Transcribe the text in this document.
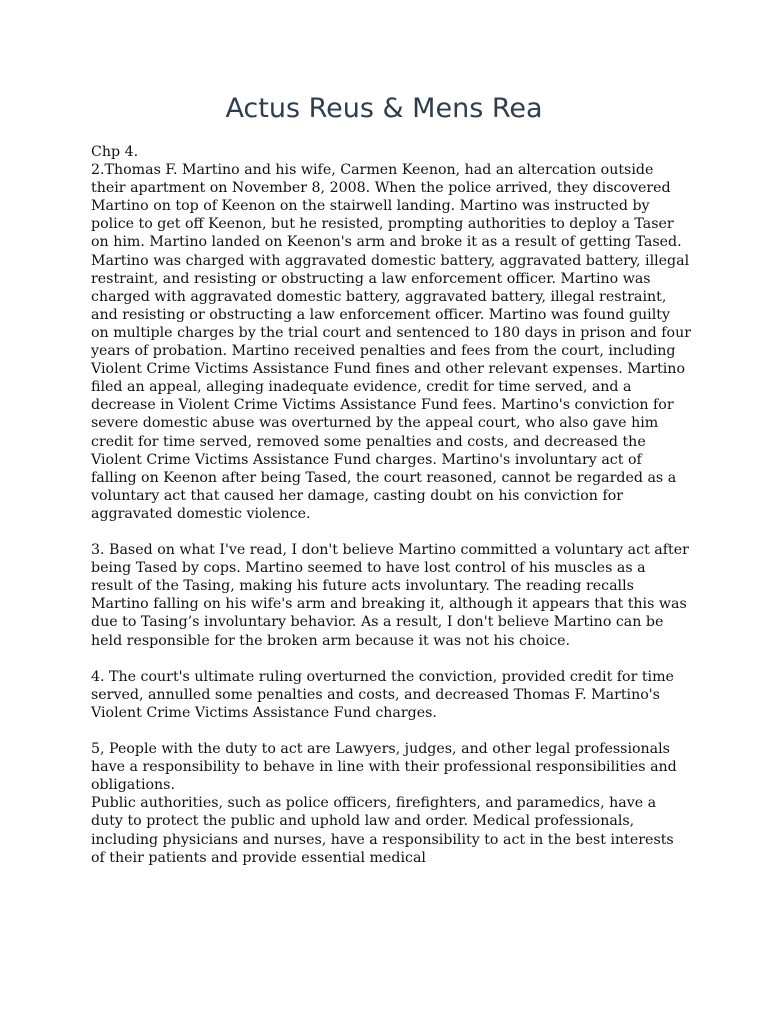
Actus Reus & Mens Rea

Chp 4.

2.Thomas F. Martino and his wife, Carmen Keenon, had an altercation outside their apartment on November 8, 2008. When the police arrived, they discovered Martino on top of Keenon on the stairwell landing. Martino was instructed by police to get off Keenon, but he resisted, prompting authorities to deploy a Taser on him. Martino landed on Keenon's arm and broke it as a result of getting Tased.

Martino was charged with aggravated domestic battery, aggravated battery, illegal restraint, and resisting or obstructing a law enforcement officer. Martino was charged with aggravated domestic battery, aggravated battery, illegal restraint, and resisting or obstructing a law enforcement officer. Martino was found guilty on multiple charges by the trial court and sentenced to 180 days in prison and four years of probation. Martino received penalties and fees from the court, including Violent Crime Victims Assistance Fund fines and other relevant expenses. Martino filed an appeal, alleging inadequate evidence, credit for time served, and a decrease in Violent Crime Victims Assistance Fund fees. Martino's conviction for severe domestic abuse was overturned by the appeal court, who also gave him credit for time served, removed some penalties and costs, and decreased the Violent Crime Victims Assistance Fund charges. Martino's involuntary act of falling on Keenon after being Tased, the court reasoned, cannot be regarded as a voluntary act that caused her damage, casting doubt on his conviction for aggravated domestic violence.

3. Based on what I've read, I don't believe Martino committed a voluntary act after being Tased by cops. Martino seemed to have lost control of his muscles as a result of the Tasing, making his future acts involuntary. The reading recalls Martino falling on his wife's arm and breaking it, although it appears that this was due to Tasing’s involuntary behavior. As a result, I don't believe Martino can be held responsible for the broken arm because it was not his choice.

4. The court's ultimate ruling overturned the conviction, provided credit for time served, annulled some penalties and costs, and decreased Thomas F. Martino's Violent Crime Victims Assistance Fund charges.

5, People with the duty to act are Lawyers, judges, and other legal professionals have a responsibility to behave in line with their professional responsibilities and obligations.

Public authorities, such as police officers, firefighters, and paramedics, have a duty to protect the public and uphold law and order. Medical professionals, including physicians and nurses, have a responsibility to act in the best interests of their patients and provide essential medical
